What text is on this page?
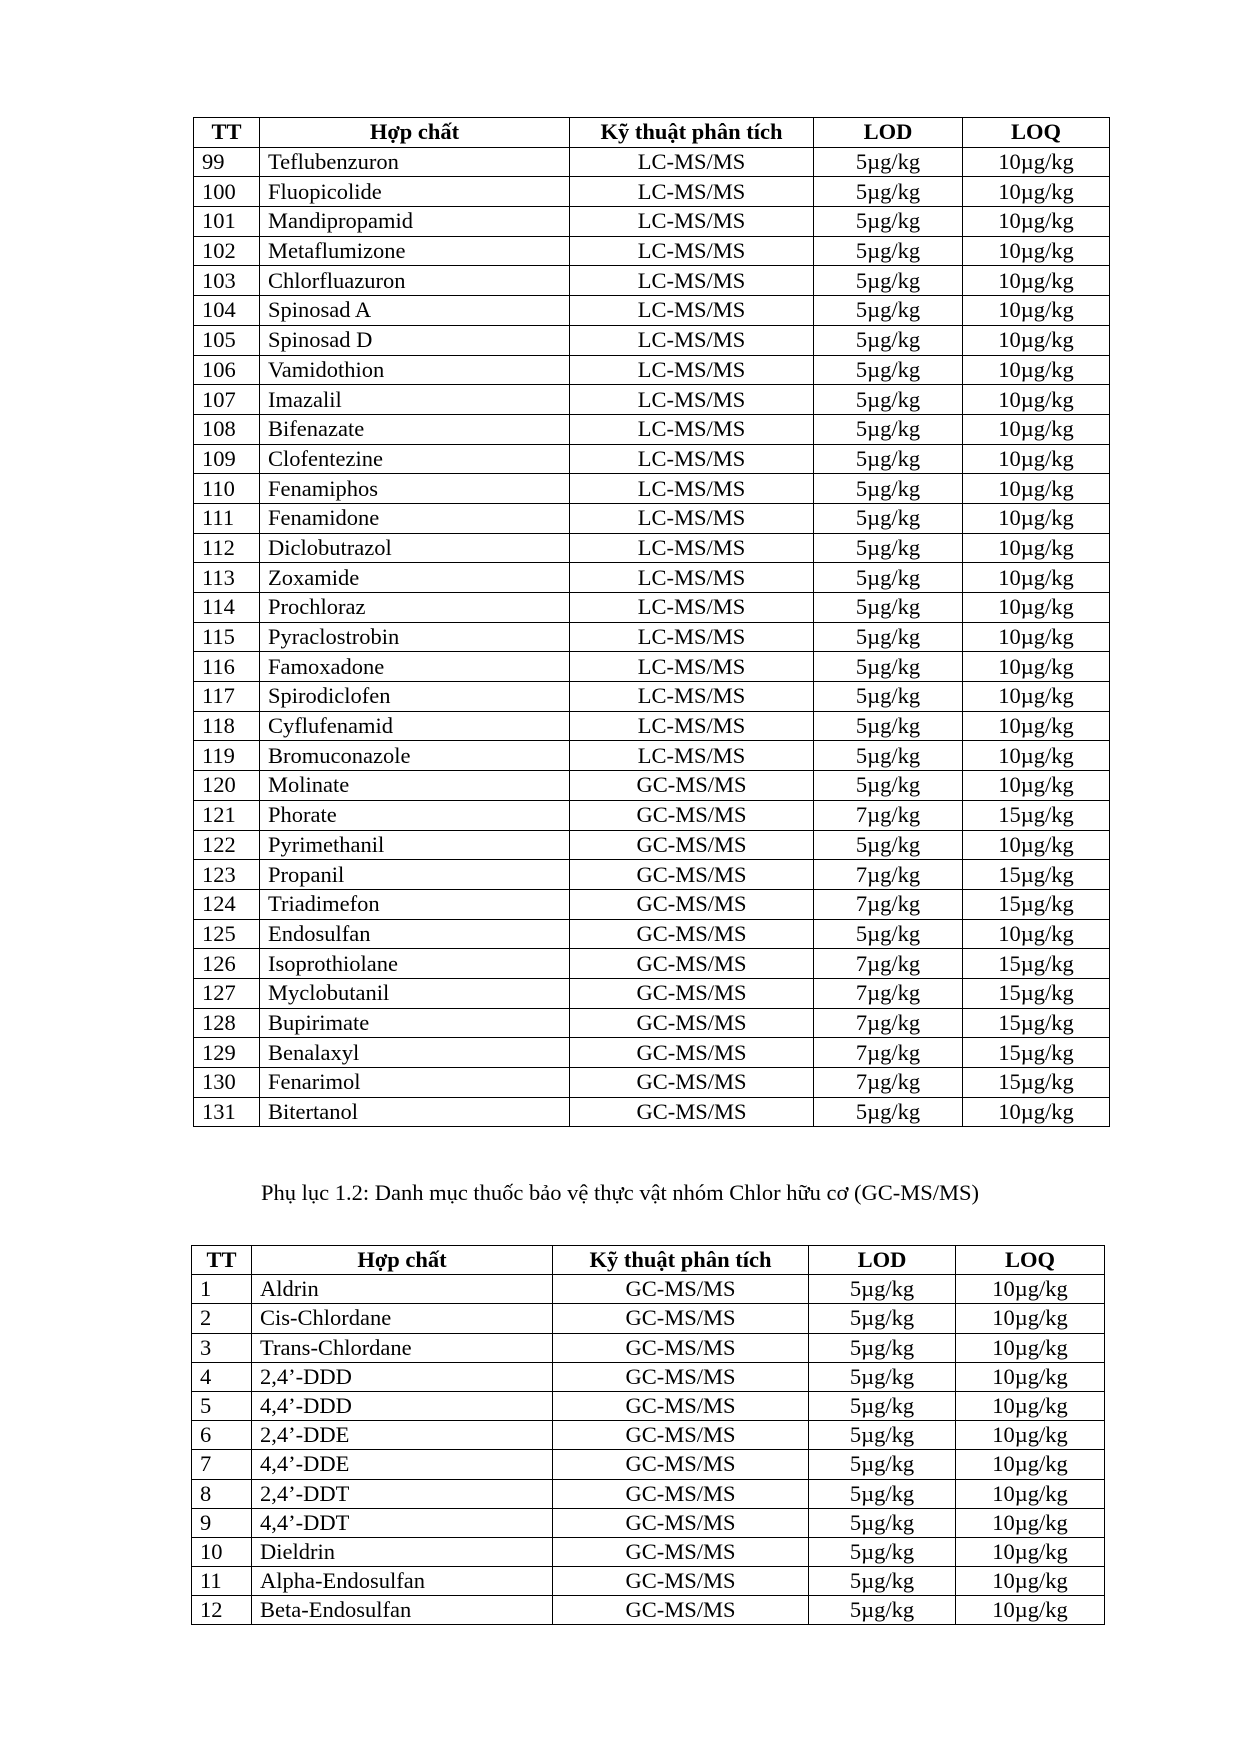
TT	Hợp chất	Kỹ thuật phân tích	LOD	LOQ
99	Teflubenzuron	LC-MS/MS	5µg/kg	10µg/kg
100	Fluopicolide	LC-MS/MS	5µg/kg	10µg/kg
101	Mandipropamid	LC-MS/MS	5µg/kg	10µg/kg
102	Metaflumizone	LC-MS/MS	5µg/kg	10µg/kg
103	Chlorfluazuron	LC-MS/MS	5µg/kg	10µg/kg
104	Spinosad A	LC-MS/MS	5µg/kg	10µg/kg
105	Spinosad D	LC-MS/MS	5µg/kg	10µg/kg
106	Vamidothion	LC-MS/MS	5µg/kg	10µg/kg
107	Imazalil	LC-MS/MS	5µg/kg	10µg/kg
108	Bifenazate	LC-MS/MS	5µg/kg	10µg/kg
109	Clofentezine	LC-MS/MS	5µg/kg	10µg/kg
110	Fenamiphos	LC-MS/MS	5µg/kg	10µg/kg
111	Fenamidone	LC-MS/MS	5µg/kg	10µg/kg
112	Diclobutrazol	LC-MS/MS	5µg/kg	10µg/kg
113	Zoxamide	LC-MS/MS	5µg/kg	10µg/kg
114	Prochloraz	LC-MS/MS	5µg/kg	10µg/kg
115	Pyraclostrobin	LC-MS/MS	5µg/kg	10µg/kg
116	Famoxadone	LC-MS/MS	5µg/kg	10µg/kg
117	Spirodiclofen	LC-MS/MS	5µg/kg	10µg/kg
118	Cyflufenamid	LC-MS/MS	5µg/kg	10µg/kg
119	Bromuconazole	LC-MS/MS	5µg/kg	10µg/kg
120	Molinate	GC-MS/MS	5µg/kg	10µg/kg
121	Phorate	GC-MS/MS	7µg/kg	15µg/kg
122	Pyrimethanil	GC-MS/MS	5µg/kg	10µg/kg
123	Propanil	GC-MS/MS	7µg/kg	15µg/kg
124	Triadimefon	GC-MS/MS	7µg/kg	15µg/kg
125	Endosulfan	GC-MS/MS	5µg/kg	10µg/kg
126	Isoprothiolane	GC-MS/MS	7µg/kg	15µg/kg
127	Myclobutanil	GC-MS/MS	7µg/kg	15µg/kg
128	Bupirimate	GC-MS/MS	7µg/kg	15µg/kg
129	Benalaxyl	GC-MS/MS	7µg/kg	15µg/kg
130	Fenarimol	GC-MS/MS	7µg/kg	15µg/kg
131	Bitertanol	GC-MS/MS	5µg/kg	10µg/kg

Phụ lục 1.2: Danh mục thuốc bảo vệ thực vật nhóm Chlor hữu cơ (GC-MS/MS)

TT	Hợp chất	Kỹ thuật phân tích	LOD	LOQ
1	Aldrin	GC-MS/MS	5µg/kg	10µg/kg
2	Cis-Chlordane	GC-MS/MS	5µg/kg	10µg/kg
3	Trans-Chlordane	GC-MS/MS	5µg/kg	10µg/kg
4	2,4’-DDD	GC-MS/MS	5µg/kg	10µg/kg
5	4,4’-DDD	GC-MS/MS	5µg/kg	10µg/kg
6	2,4’-DDE	GC-MS/MS	5µg/kg	10µg/kg
7	4,4’-DDE	GC-MS/MS	5µg/kg	10µg/kg
8	2,4’-DDT	GC-MS/MS	5µg/kg	10µg/kg
9	4,4’-DDT	GC-MS/MS	5µg/kg	10µg/kg
10	Dieldrin	GC-MS/MS	5µg/kg	10µg/kg
11	Alpha-Endosulfan	GC-MS/MS	5µg/kg	10µg/kg
12	Beta-Endosulfan	GC-MS/MS	5µg/kg	10µg/kg
